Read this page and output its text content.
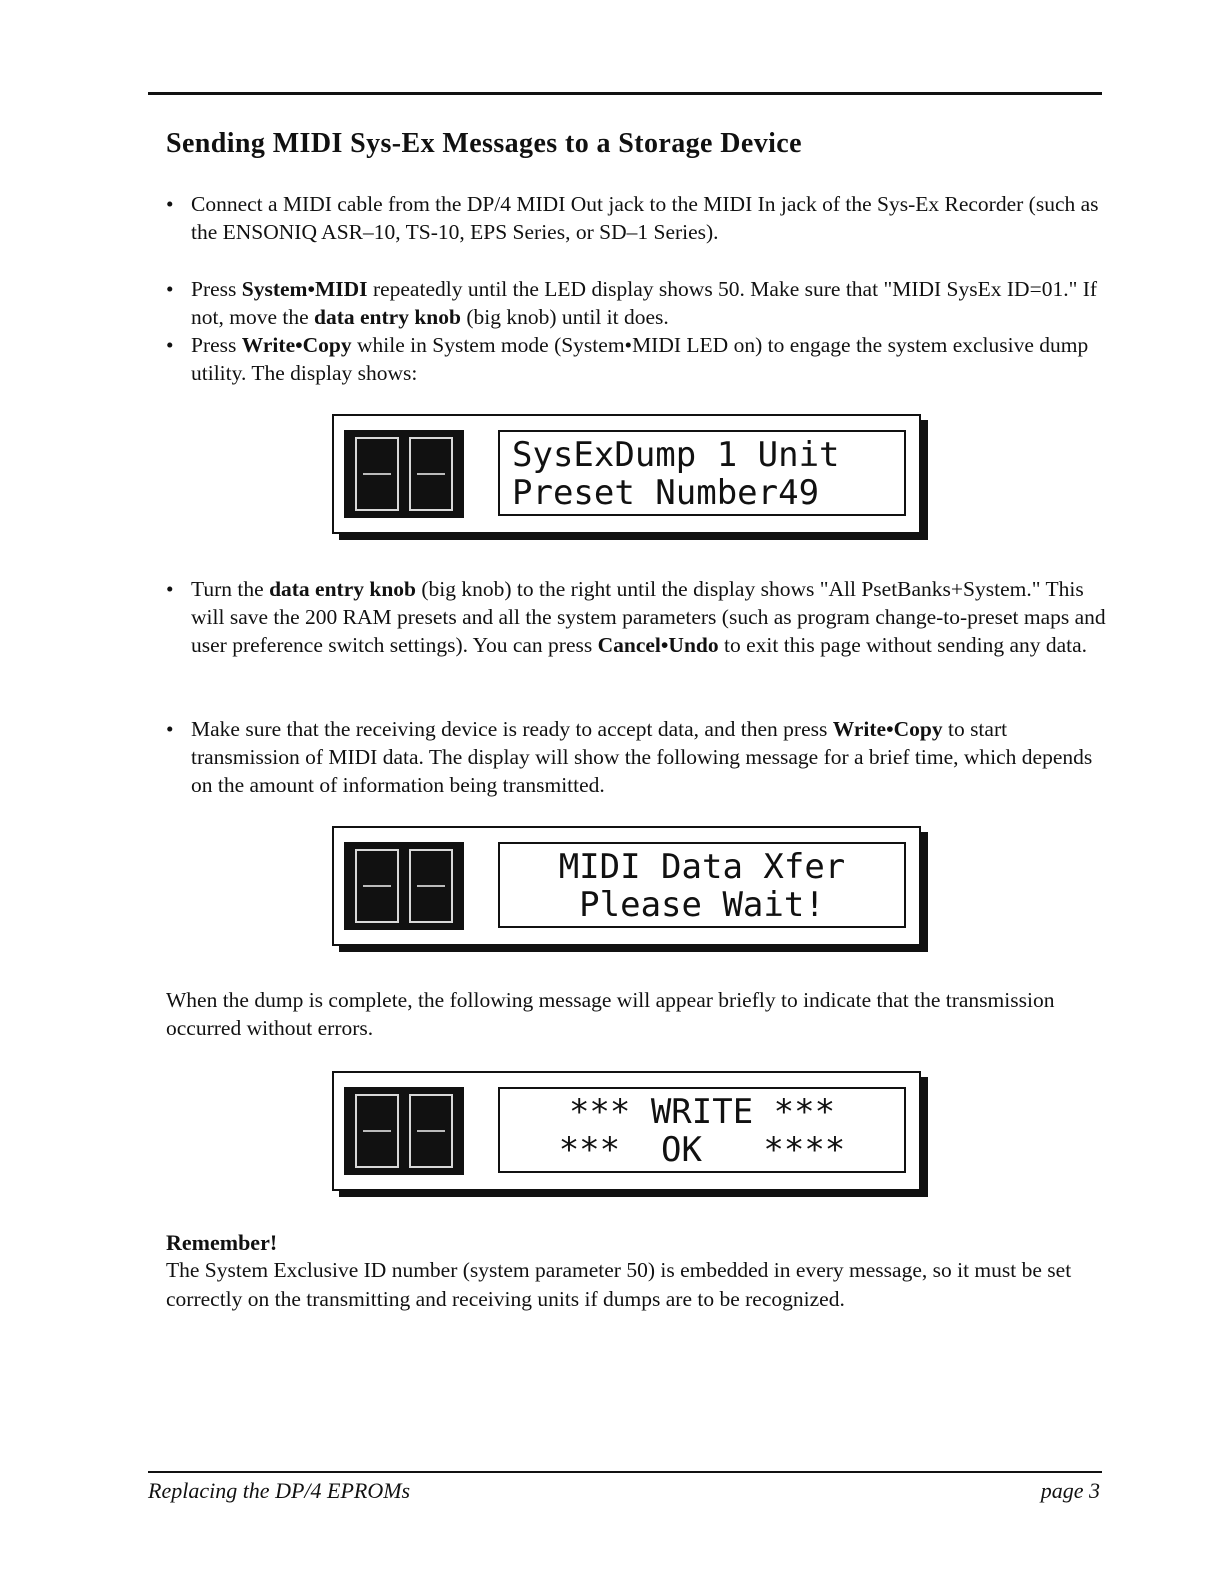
Sending MIDI Sys-Ex Messages to a Storage Device
• Connect a MIDI cable from the DP/4 MIDI Out jack to the MIDI In jack of the Sys-Ex Recorder (such as the ENSONIQ ASR–10, TS-10, EPS Series, or SD–1 Series).
• Press System•MIDI repeatedly until the LED display shows 50. Make sure that "MIDI SysEx ID=01." If not, move the data entry knob (big knob) until it does.
• Press Write•Copy while in System mode (System•MIDI LED on) to engage the system exclusive dump utility. The display shows:
SysExDump 1 Unit
Preset Number49
• Turn the data entry knob (big knob) to the right until the display shows "All PsetBanks+System." This will save the 200 RAM presets and all the system parameters (such as program change-to-preset maps and user preference switch settings). You can press Cancel•Undo to exit this page without sending any data.
• Make sure that the receiving device is ready to accept data, and then press Write•Copy to start transmission of MIDI data. The display will show the following message for a brief time, which depends on the amount of information being transmitted.
MIDI Data Xfer
Please Wait!
When the dump is complete, the following message will appear briefly to indicate that the transmission occurred without errors.
*** WRITE ***
***  OK   ****
Remember!
The System Exclusive ID number (system parameter 50) is embedded in every message, so it must be set correctly on the transmitting and receiving units if dumps are to be recognized.
Replacing the DP/4 EPROMs	page 3
